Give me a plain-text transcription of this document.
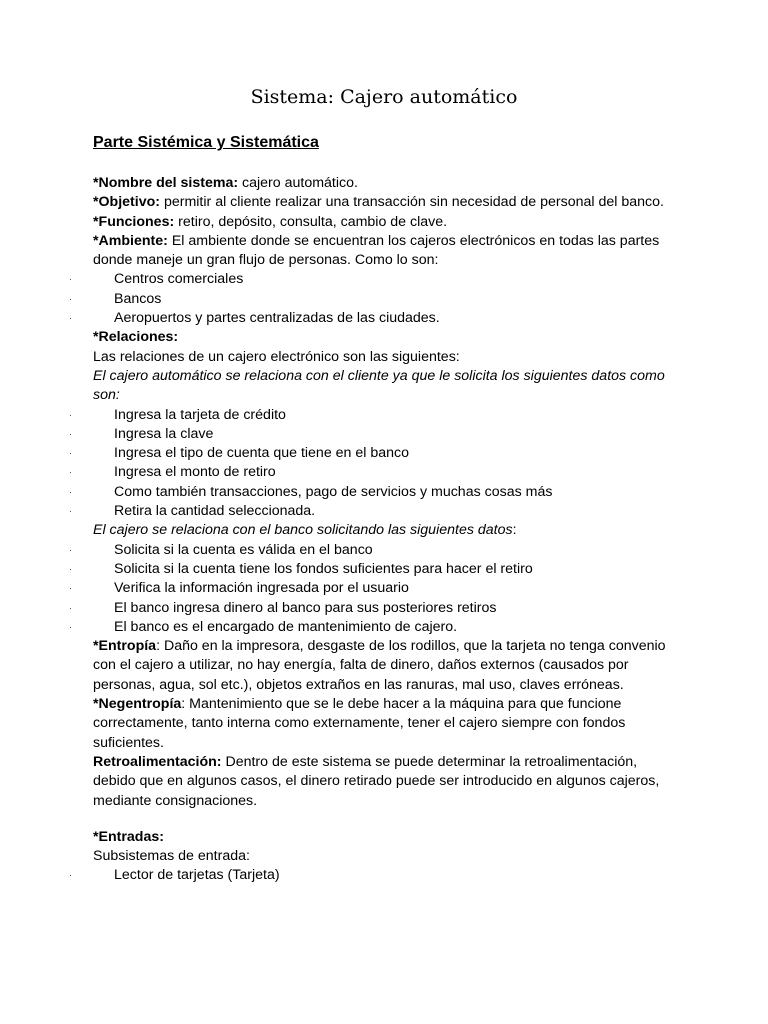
Sistema: Cajero automático
Parte Sistémica y Sistemática

*Nombre del sistema: cajero automático.

*Objetivo: permitir al cliente realizar una transacción sin necesidad de personal del banco.

*Funciones: retiro, depósito, consulta, cambio de clave.

*Ambiente: El ambiente donde se encuentran los cajeros electrónicos en todas las partes donde maneje un gran flujo de personas. Como lo son:

·	Centros comerciales
·	Bancos
·	Aeropuertos y partes centralizadas de las ciudades.

*Relaciones:

Las relaciones de un cajero electrónico son las siguientes:

El cajero automático se relaciona con el cliente ya que le solicita los siguientes datos como son:

·	Ingresa la tarjeta de crédito
·	Ingresa la clave
·	Ingresa el tipo de cuenta que tiene en el banco
·	Ingresa el monto de retiro
·	Como también transacciones, pago de servicios y muchas cosas más
·	Retira la cantidad seleccionada.

El cajero se relaciona con el banco solicitando las siguientes datos:

·	Solicita si la cuenta es válida en el banco
·	Solicita si la cuenta tiene los fondos suficientes para hacer el retiro
·	Verifica la información ingresada por el usuario
·	El banco ingresa dinero al banco para sus posteriores retiros
·	El banco es el encargado de mantenimiento de cajero.

*Entropía: Daño en la impresora, desgaste de los rodillos, que la tarjeta no tenga convenio con el cajero a utilizar, no hay energía, falta de dinero, daños externos (causados por personas, agua, sol etc.), objetos extraños en las ranuras, mal uso, claves erróneas.

*Negentropía: Mantenimiento que se le debe hacer a la máquina para que funcione correctamente, tanto interna como externamente, tener el cajero siempre con fondos suficientes.

Retroalimentación: Dentro de este sistema se puede determinar la retroalimentación, debido que en algunos casos, el dinero retirado puede ser introducido en algunos cajeros, mediante consignaciones.

*Entradas:

Subsistemas de entrada:

·	Lector de tarjetas (Tarjeta)
